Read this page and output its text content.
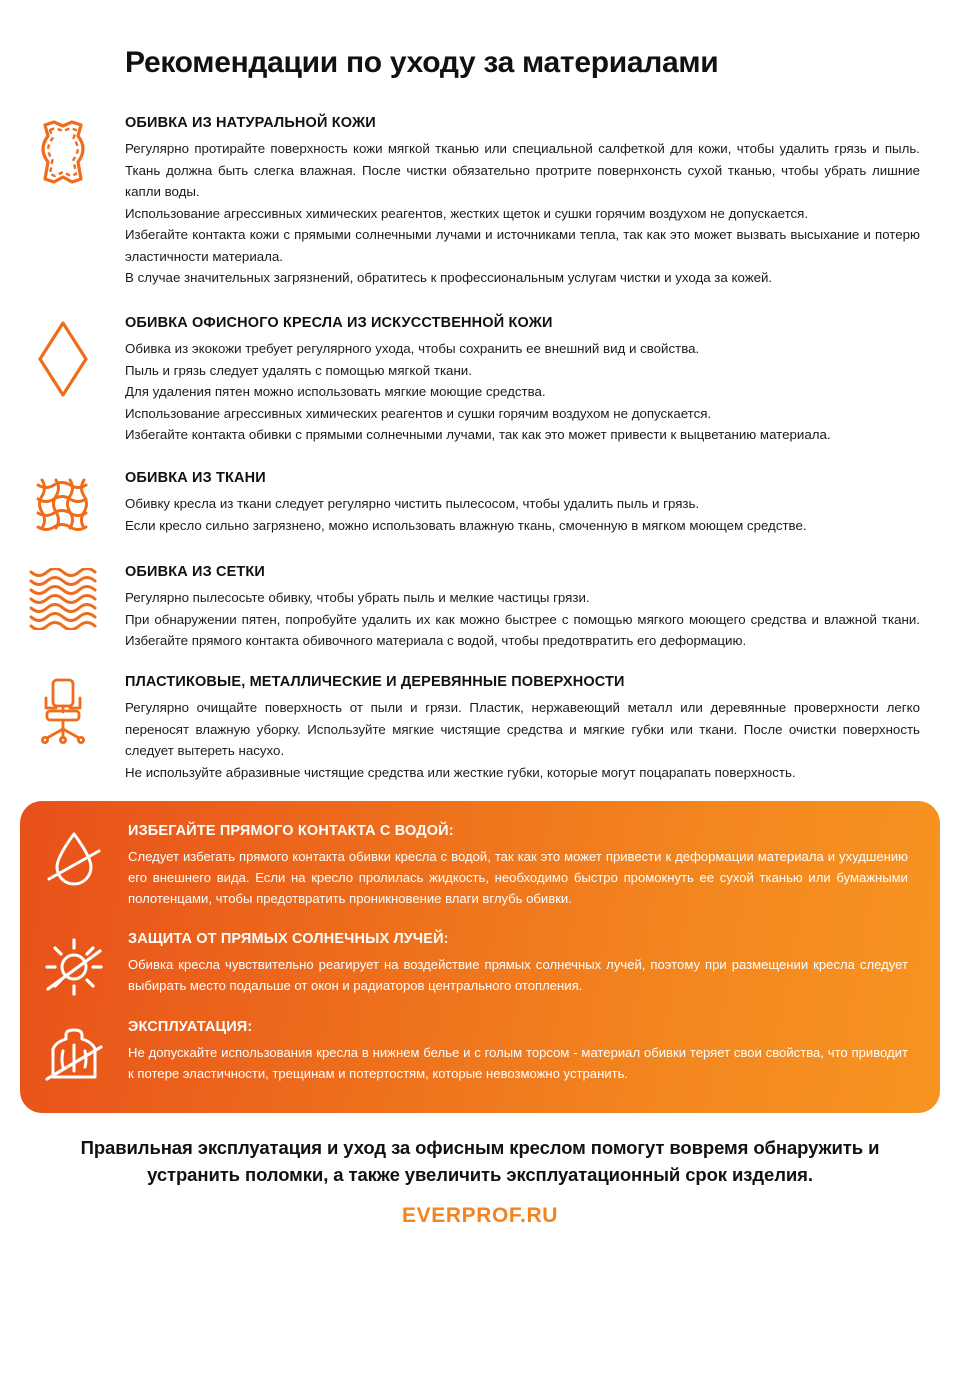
Рекомендации по уходу за материалами
ОБИВКА ИЗ НАТУРАЛЬНОЙ КОЖИ

Регулярно протирайте поверхность кожи мягкой тканью или специальной салфеткой для кожи, чтобы удалить грязь и пыль. Ткань должна быть слегка влажная. После чистки обязательно протрите повернхонсть сухой тканью, чтобы убрать лишние капли воды.

Использование агрессивных химических реагентов, жестких щеток и сушки горячим воздухом не допускается.

Избегайте контакта кожи с прямыми солнечными лучами и источниками тепла, так как это может вызвать высыхание и потерю эластичности материала.

В случае значительных загрязнений, обратитесь к профессиональным услугам чистки и ухода за кожей.

ОБИВКА ОФИСНОГО КРЕСЛА ИЗ ИСКУССТВЕННОЙ КОЖИ

Обивка из экокожи требует регулярного ухода, чтобы сохранить ее внешний вид и свойства.

Пыль и грязь следует удалять с помощью мягкой ткани.

Для удаления пятен можно использовать мягкие моющие средства.

Использование агрессивных химических реагентов и сушки горячим воздухом не допускается.

Избегайте контакта обивки с прямыми солнечными лучами, так как это может привести к выцветанию материала.

ОБИВКА ИЗ ТКАНИ

Обивку кресла из ткани следует регулярно чистить пылесосом, чтобы удалить пыль и грязь.

Если кресло сильно загрязнено, можно использовать влажную ткань, смоченную в мягком моющем средстве.

ОБИВКА ИЗ СЕТКИ

Регулярно пылесосьте обивку, чтобы убрать пыль и мелкие частицы грязи.

При обнаружении пятен, попробуйте удалить их как можно быстрее с помощью мягкого моющего средства и влажной ткани. Избегайте прямого контакта обивочного материала с водой, чтобы предотвратить его деформацию.

ПЛАСТИКОВЫЕ, МЕТАЛЛИЧЕСКИЕ И ДЕРЕВЯННЫЕ ПОВЕРХНОСТИ

Регулярно очищайте поверхность от пыли и грязи. Пластик, нержавеющий металл или деревянные проверхности легко переносят влажную уборку. Используйте мягкие чистящие средства и мягкие губки или ткани. После очистки поверхность следует вытереть насухо.

Не используйте абразивные чистящие средства или жесткие губки, которые могут поцарапать поверхность.

ИЗБЕГАЙТЕ ПРЯМОГО КОНТАКТА С ВОДОЙ:

Следует избегать прямого контакта обивки кресла с водой, так как это может привести к деформации материала и ухудшению его внешнего вида. Если на кресло пролилась жидкость, необходимо быстро промокнуть ее сухой тканью или бумажными полотенцами, чтобы предотвратить проникновение влаги вглубь обивки.

ЗАЩИТА ОТ ПРЯМЫХ СОЛНЕЧНЫХ ЛУЧЕЙ:

Обивка кресла чувствительно реагирует на воздействие прямых солнечных лучей, поэтому при размещении кресла следует выбирать место подальше от окон и радиаторов центрального отопления.

ЭКСПЛУАТАЦИЯ:

Не допускайте использования кресла в нижнем белье и с голым торсом - материал обивки теряет свои свойства, что приводит к потере эластичности, трещинам и потертостям, которые невозможно устранить.

Правильная эксплуатация и уход за офисным креслом помогут вовремя обнаружить и
устранить поломки, а также увеличить эксплуатационный срок изделия.
EVERPROF.RU
